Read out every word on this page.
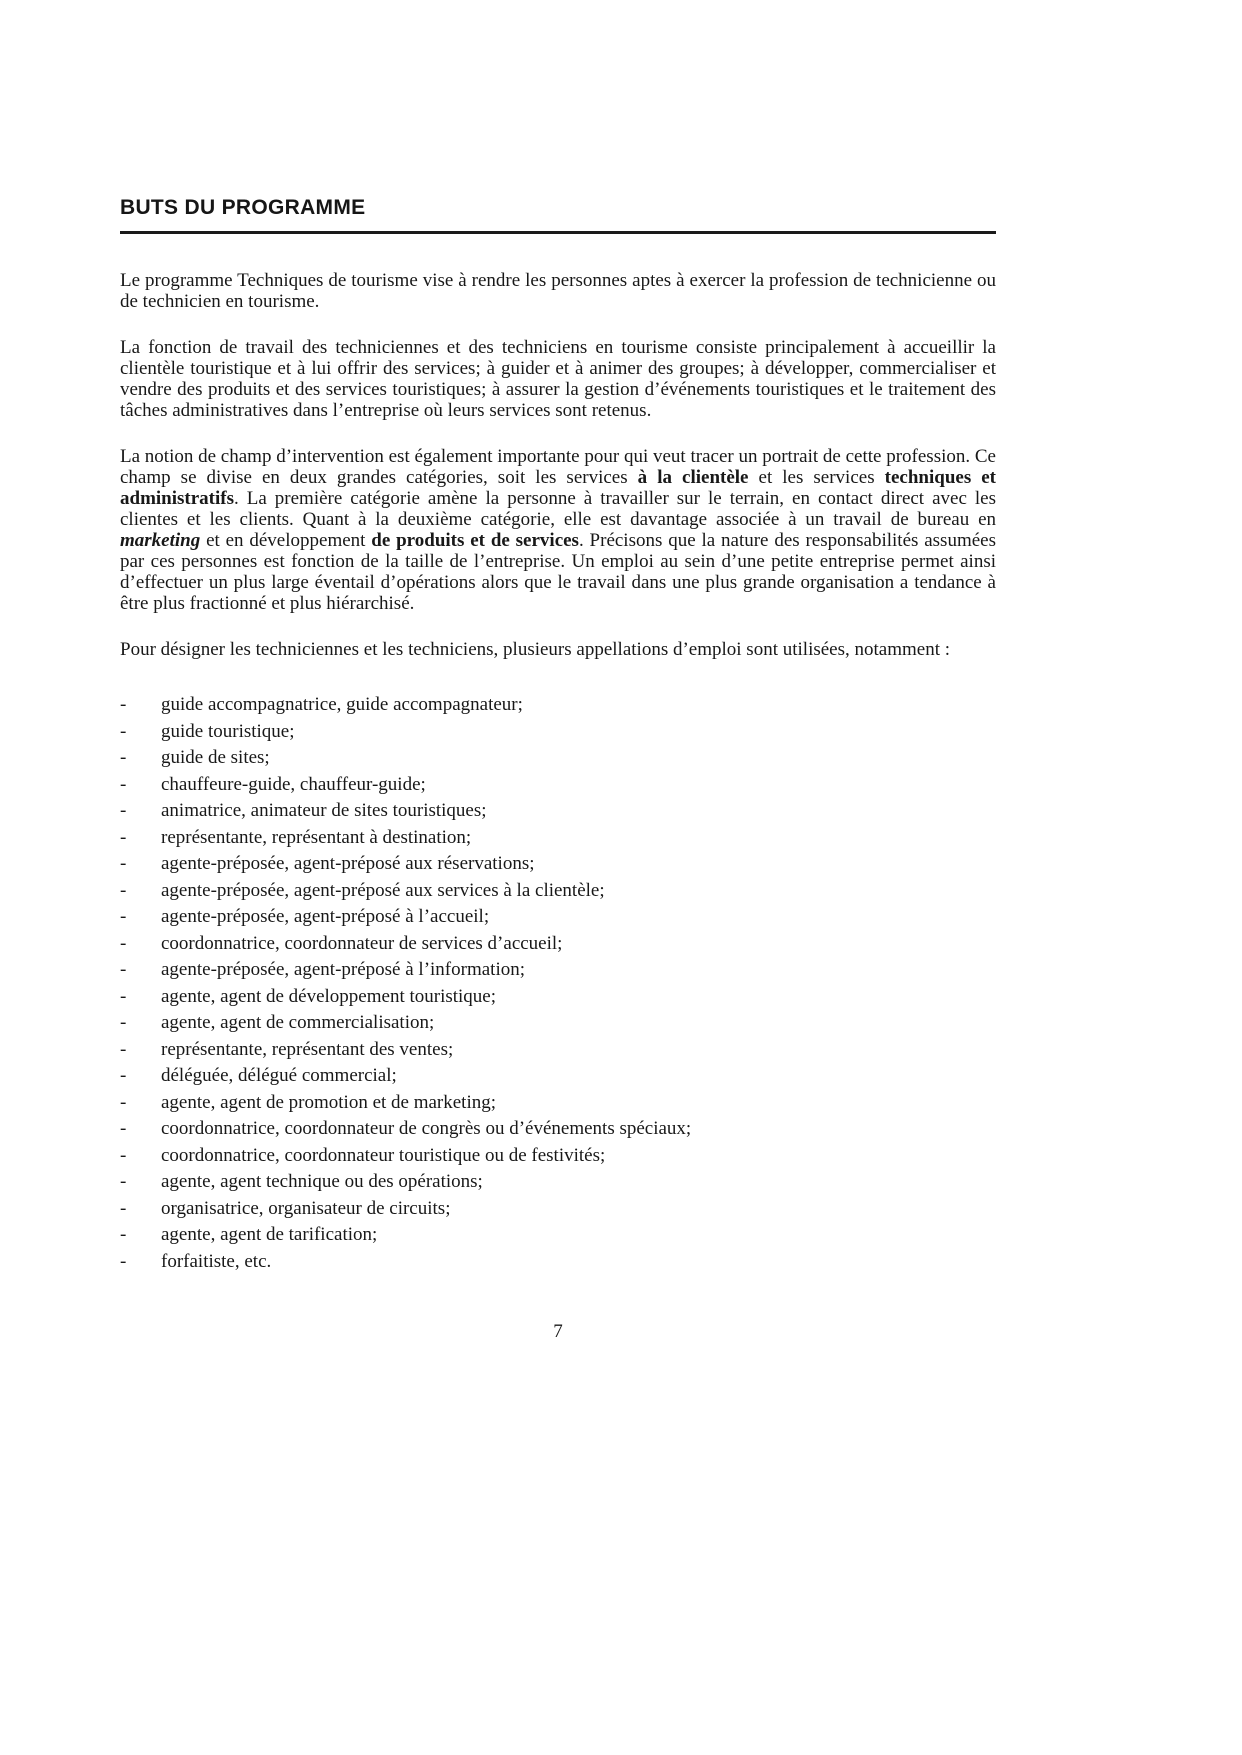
BUTS DU PROGRAMME

Le programme Techniques de tourisme vise à rendre les personnes aptes à exercer la profession de technicienne ou de technicien en tourisme.

La fonction de travail des techniciennes et des techniciens en tourisme consiste principalement à accueillir la clientèle touristique et à lui offrir des services; à guider et à animer des groupes; à développer, commercialiser et vendre des produits et des services touristiques; à assurer la gestion d’événements touristiques et le traitement des tâches administratives dans l’entreprise où leurs services sont retenus.

La notion de champ d’intervention est également importante pour qui veut tracer un portrait de cette profession. Ce champ se divise en deux grandes catégories, soit les services à la clientèle et les services techniques et administratifs. La première catégorie amène la personne à travailler sur le terrain, en contact direct avec les clientes et les clients. Quant à la deuxième catégorie, elle est davantage associée à un travail de bureau en marketing et en développement de produits et de services. Précisons que la nature des responsabilités assumées par ces personnes est fonction de la taille de l’entreprise. Un emploi au sein d’une petite entreprise permet ainsi d’effectuer un plus large éventail d’opérations alors que le travail dans une plus grande organisation a tendance à être plus fractionné et plus hiérarchisé.

Pour désigner les techniciennes et les techniciens, plusieurs appellations d’emploi sont utilisées, notamment :

-	guide accompagnatrice, guide accompagnateur;
-	guide touristique;
-	guide de sites;
-	chauffeure-guide, chauffeur-guide;
-	animatrice, animateur de sites touristiques;
-	représentante, représentant à destination;
-	agente-préposée, agent-préposé aux réservations;
-	agente-préposée, agent-préposé aux services à la clientèle;
-	agente-préposée, agent-préposé à l’accueil;
-	coordonnatrice, coordonnateur de services d’accueil;
-	agente-préposée, agent-préposé à l’information;
-	agente, agent de développement touristique;
-	agente, agent de commercialisation;
-	représentante, représentant des ventes;
-	déléguée, délégué commercial;
-	agente, agent de promotion et de marketing;
-	coordonnatrice, coordonnateur de congrès ou d’événements spéciaux;
-	coordonnatrice, coordonnateur touristique ou de festivités;
-	agente, agent technique ou des opérations;
-	organisatrice, organisateur de circuits;
-	agente, agent de tarification;
-	forfaitiste, etc.
7
